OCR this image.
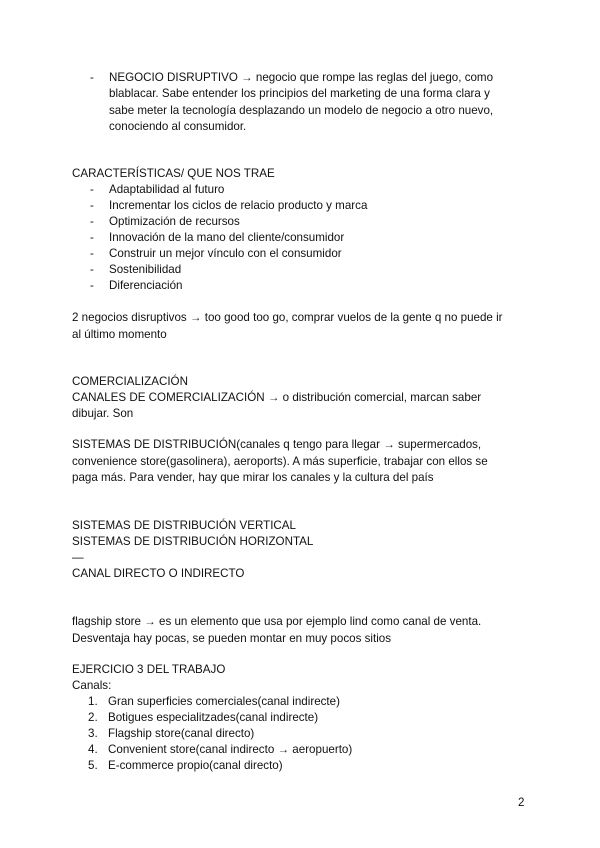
-	NEGOCIO DISRUPTIVO → negocio que rompe las reglas del juego, como
blablacar. Sabe entender los principios del marketing de una forma clara y
sabe meter la tecnología desplazando un modelo de negocio a otro nuevo,
conociendo al consumidor.
CARACTERÍSTICAS/ QUE NOS TRAE
-	Adaptabilidad al futuro
-	Incrementar los ciclos de relacio producto y marca
-	Optimización de recursos
-	Innovación de la mano del cliente/consumidor
-	Construir un mejor vínculo con el consumidor
-	Sostenibilidad
-	Diferenciación
2 negocios disruptivos → too good too go, comprar vuelos de la gente q no puede ir
al último momento
COMERCIALIZACIÓN
CANALES DE COMERCIALIZACIÓN → o distribución comercial, marcan saber
dibujar. Son
SISTEMAS DE DISTRIBUCIÓN(canales q tengo para llegar → supermercados,
convenience store(gasolinera), aeroports). A más superficie, trabajar con ellos se
paga más. Para vender, hay que mirar los canales y la cultura del país
SISTEMAS DE DISTRIBUCIÓN VERTICAL
SISTEMAS DE DISTRIBUCIÓN HORIZONTAL
—
CANAL DIRECTO O INDIRECTO
flagship store → es un elemento que usa por ejemplo lind como canal de venta.
Desventaja hay pocas, se pueden montar en muy pocos sitios
EJERCICIO 3 DEL TRABAJO
Canals:
1. Gran superficies comerciales(canal indirecte)
2. Botigues especialitzades(canal indirecte)
3. Flagship store(canal directo)
4. Convenient store(canal indirecto → aeropuerto)
5. E-commerce propio(canal directo)
2
